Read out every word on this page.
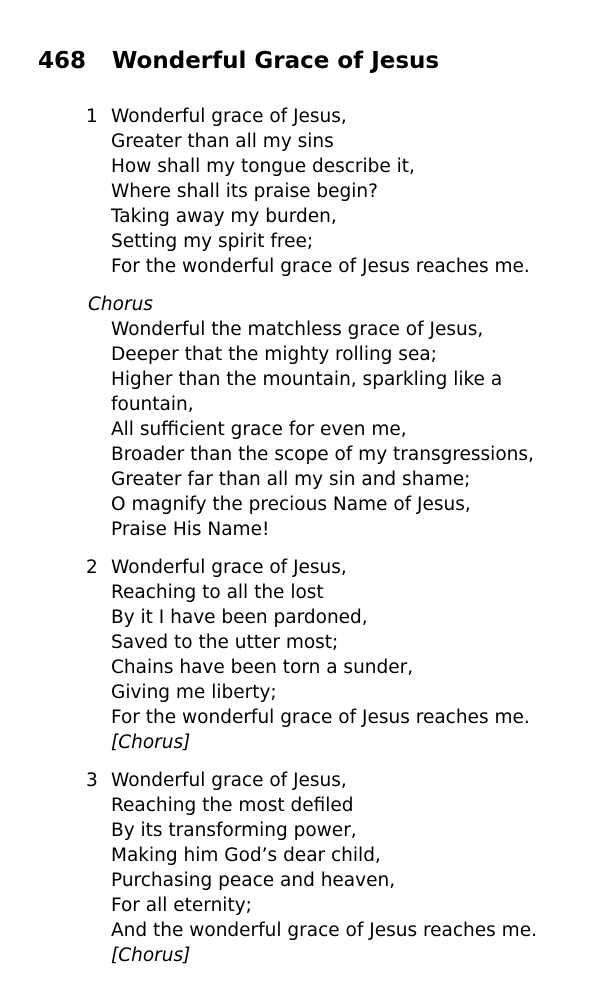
468 Wonderful Grace of Jesus
1 Wonderful grace of Jesus,
Greater than all my sins
How shall my tongue describe it,
Where shall its praise begin?
Taking away my burden,
Setting my spirit free;
For the wonderful grace of Jesus reaches me.
Chorus
Wonderful the matchless grace of Jesus,
Deeper that the mighty rolling sea;
Higher than the mountain, sparkling like a
fountain,
All sufficient grace for even me,
Broader than the scope of my transgressions,
Greater far than all my sin and shame;
O magnify the precious Name of Jesus,
Praise His Name!
2 Wonderful grace of Jesus,
Reaching to all the lost
By it I have been pardoned,
Saved to the utter most;
Chains have been torn a sunder,
Giving me liberty;
For the wonderful grace of Jesus reaches me.
[Chorus]
3 Wonderful grace of Jesus,
Reaching the most defiled
By its transforming power,
Making him God’s dear child,
Purchasing peace and heaven,
For all eternity;
And the wonderful grace of Jesus reaches me.
[Chorus]
